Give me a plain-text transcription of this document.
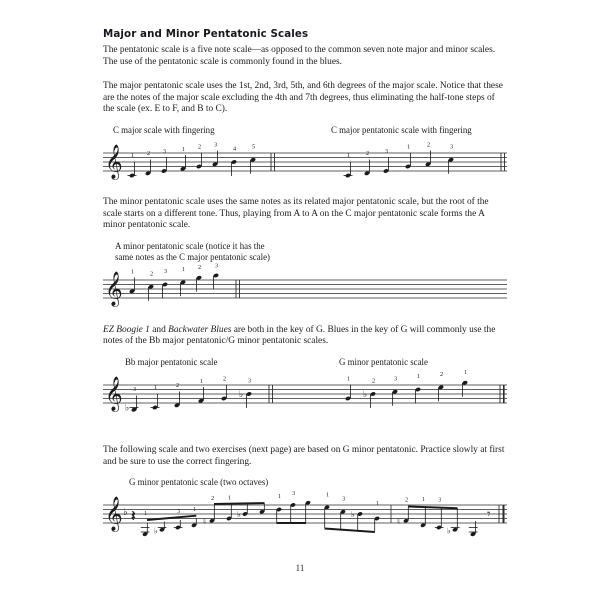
Major and Minor Pentatonic Scales

The pentatonic scale is a five note scale—as opposed to the common seven note major and minor scales. The use of the pentatonic scale is commonly found in the blues.

The major pentatonic scale uses the 1st, 2nd, 3rd, 5th, and 6th degrees of the major scale. Notice that these are the notes of the major scale excluding the 4th and 7th degrees, thus eliminating the half-tone steps of the scale (ex. E to F, and B to C).

C major scale with fingering	C major pentatonic scale with fingering
𝄞 1 2 3	1 2 3
4	5
1	2	3
1	2	3

The minor pentatonic scale uses the same notes as its related major pentatonic scale, but the root of the scale starts on a different tone. Thus, playing from A to A on the C major pentatonic scale forms the A minor pentatonic scale.

A minor pentatonic scale (notice it has the
same notes as the C major pentatonic scale)
𝄞 1	2 3 1 2 3

EZ Boogie 1 and Backwater Blues are both in the key of G. Blues in the key of G will commonly use the notes of the Bb major pentatonic/G minor pentatonic scales.

Bb major pentatonic scale	G minor pentatonic scale
𝄞 ♭
3	1	2
1	2
♭
3	1
♭
2	3	1	2	1

The following scale and two exercises (next page) are based on G minor pentatonic. Practice slowly at first and be sure to use the correct fingering.

G minor pentatonic scale (two octaves)
𝄞 ♭ 𝄽 1
♭
3 1
♮
2 1
♭
1 3	1
3
♭
1
♮
2 1 3
♭
𝄾
11
